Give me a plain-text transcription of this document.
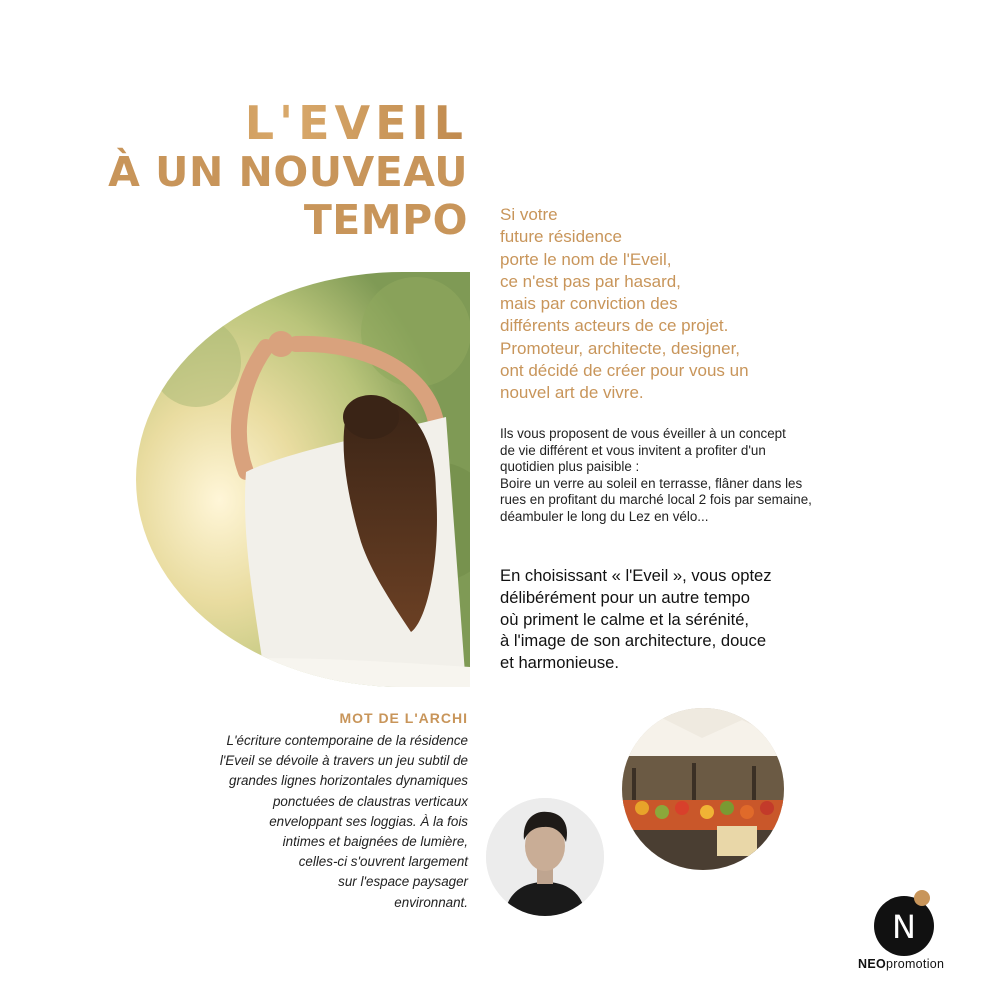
L'EVEIL
À UN NOUVEAU
TEMPO Si votre
future résidence
porte le nom de l'Eveil,
ce n'est pas par hasard,
mais par conviction des
différents acteurs de ce projet.
Promoteur, architecte, designer,
ont décidé de créer pour vous un
nouvel art de vivre.

Ils vous proposent de vous éveiller à un concept

de vie différent et vous invitent a profiter d'un

quotidien plus paisible :

Boire un verre au soleil en terrasse, flâner dans les

rues en profitant du marché local 2 fois par semaine,

déambuler le long du Lez en vélo...

En choisissant « l'Eveil », vous optez

délibérément pour un autre tempo

où priment le calme et la sérénité,

à l'image de son architecture, douce

et harmonieuse.

MOT DE L'ARCHI
L'écriture contemporaine de la résidence
l'Eveil se dévoile à travers un jeu subtil de
grandes lignes horizontales dynamiques
ponctuées de claustras verticaux
enveloppant ses loggias. À la fois
intimes et baignées de lumière,
celles-ci s'ouvrent largement
sur l'espace paysager
environnant.
N
NEOpromotion
